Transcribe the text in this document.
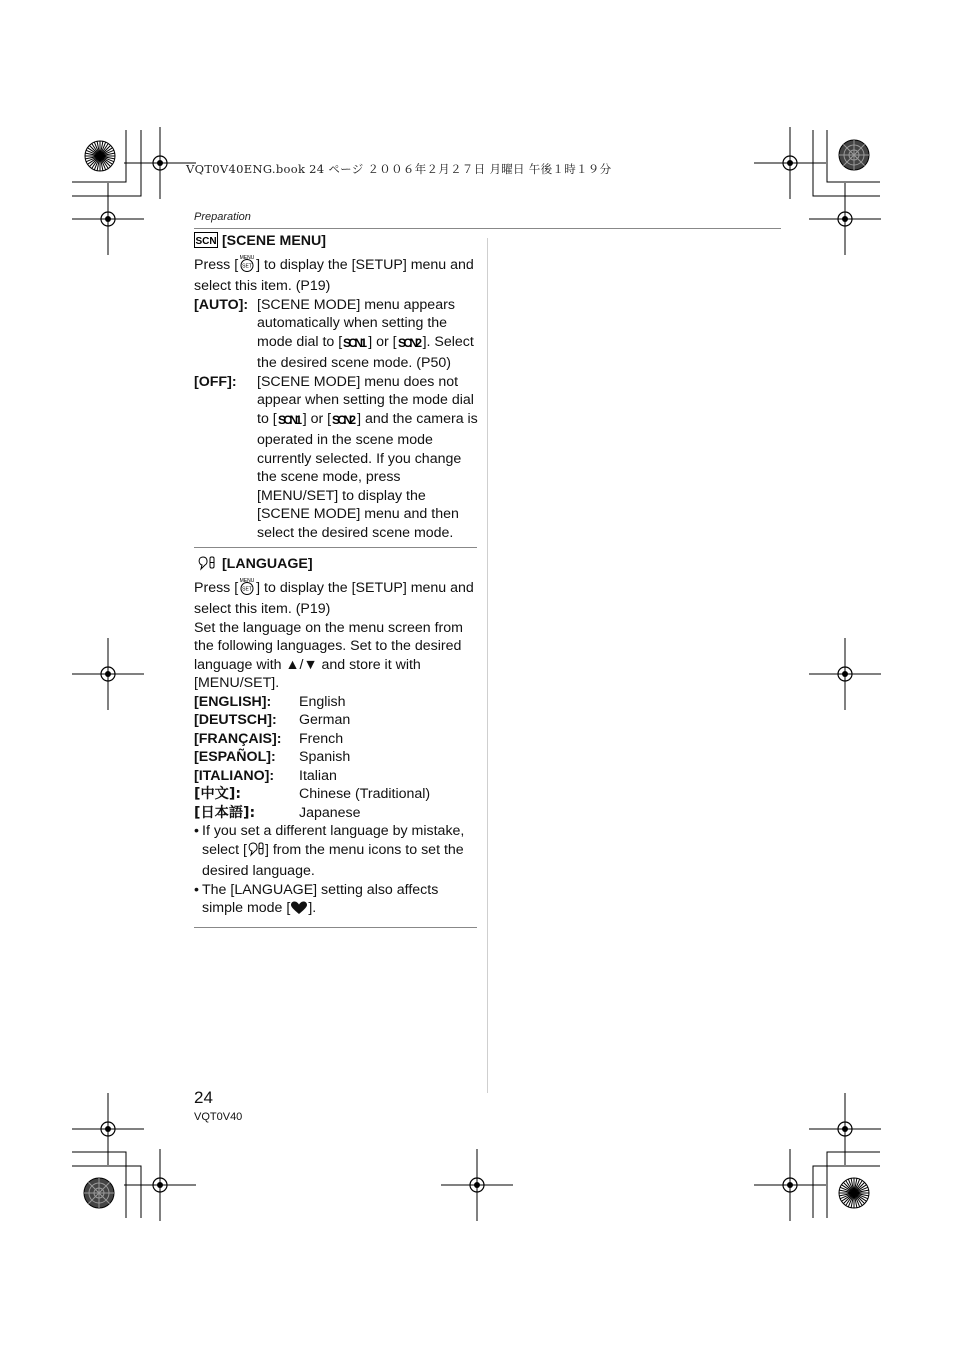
VQT0V40ENG.book 24 ページ ２００６年２月２７日 月曜日 午後１時１９分
Preparation
SCN [SCENE MENU]
Press [ MENU
SET ] to display the [SETUP] menu and select this item. (P19)
[AUTO]: [SCENE MODE] menu appears automatically when setting the mode dial to [ SCN1 ] or [ SCN2 ]. Select the desired scene mode. (P50)
[OFF]:	[SCENE MODE] menu does not appear when setting the mode dial to [ SCN1 ] or [ SCN2 ] and the camera is operated in the scene mode currently selected. If you change the scene mode, press [MENU/SET] to display the [SCENE MODE] menu and then select the desired scene mode.
[LANGUAGE]
Press [ MENU
SET ] to display the [SETUP] menu and select this item. (P19)
Set the language on the menu screen from the following languages. Set to the desired language with ▲/▼ and store it with [MENU/SET].
[ENGLISH]:	English
[DEUTSCH]:	German
[FRANÇAIS]:	French
[ESPAÑOL]:	Spanish
[ITALIANO]:	Italian
[中文]:	Chinese (Traditional)
[日本語]:	Japanese
• If you set a different language by mistake, select [ ] from the menu icons to set the desired language.
• The [LANGUAGE] setting also affects simple mode [ ].
24
VQT0V40
